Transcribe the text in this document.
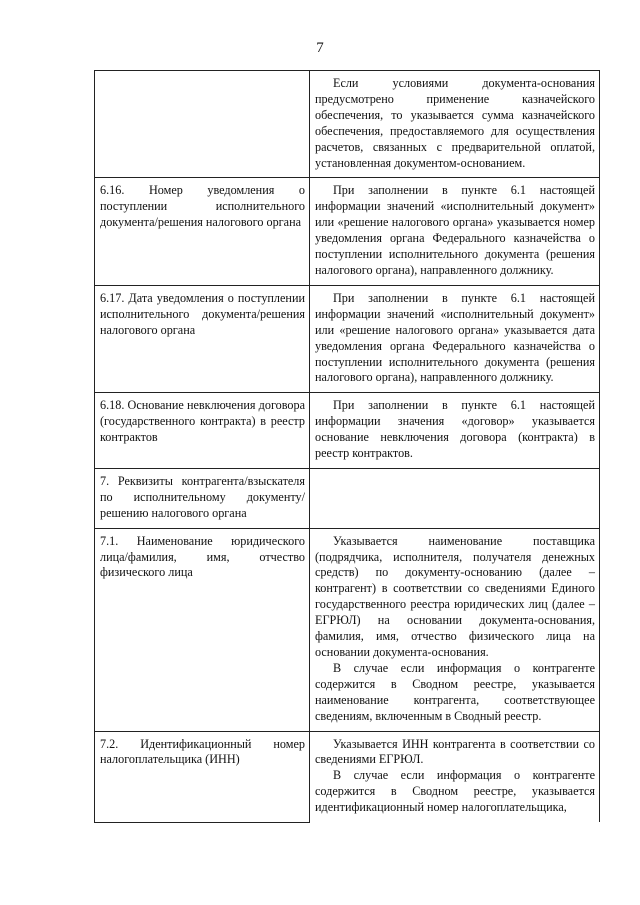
7

	Если условиями документа-основания предусмотрено применение казначейского обеспечения, то указывается сумма казначейского обеспечения, предоставляемого для осуществления расчетов, связанных с предварительной оплатой, установленная документом-основанием.

6.16. Номер уведомления о поступлении исполнительного документа/решения налогового органа	При заполнении в пункте 6.1 настоящей информации значений «исполнительный документ» или «решение налогового органа» указывается номер уведомления органа Федерального казначейства о поступлении исполнительного документа (решения налогового органа), направленного должнику.

6.17. Дата уведомления о поступлении исполнительного документа/решения налогового органа	При заполнении в пункте 6.1 настоящей информации значений «исполнительный документ» или «решение налогового органа» указывается дата уведомления органа Федерального казначейства о поступлении исполнительного документа (решения налогового органа), направленного должнику.

6.18. Основание невключения договора (государственного контракта) в реестр контрактов	При заполнении в пункте 6.1 настоящей информации значения «договор» указывается основание невключения договора (контракта) в реестр контрактов.

7. Реквизиты контрагента/взыскателя по исполнительному документу/решению налогового органа	
7.1. Наименование юридического лица/фамилия, имя, отчество физического лица	Указывается наименование поставщика (подрядчика, исполнителя, получателя денежных средств) по документу-основанию (далее – контрагент) в соответствии со сведениями Единого государственного реестра юридических лиц (далее – ЕГРЮЛ) на основании документа-основания, фамилия, имя, отчество физического лица на основании документа-основания.

В случае если информация о контрагенте содержится в Сводном реестре, указывается наименование контрагента, соответствующее сведениям, включенным в Сводный реестр.

7.2. Идентификационный номер налогоплательщика (ИНН)	Указывается ИНН контрагента в соответствии со сведениями ЕГРЮЛ.

В случае если информация о контрагенте содержится в Сводном реестре, указывается идентификационный номер налогоплательщика,
